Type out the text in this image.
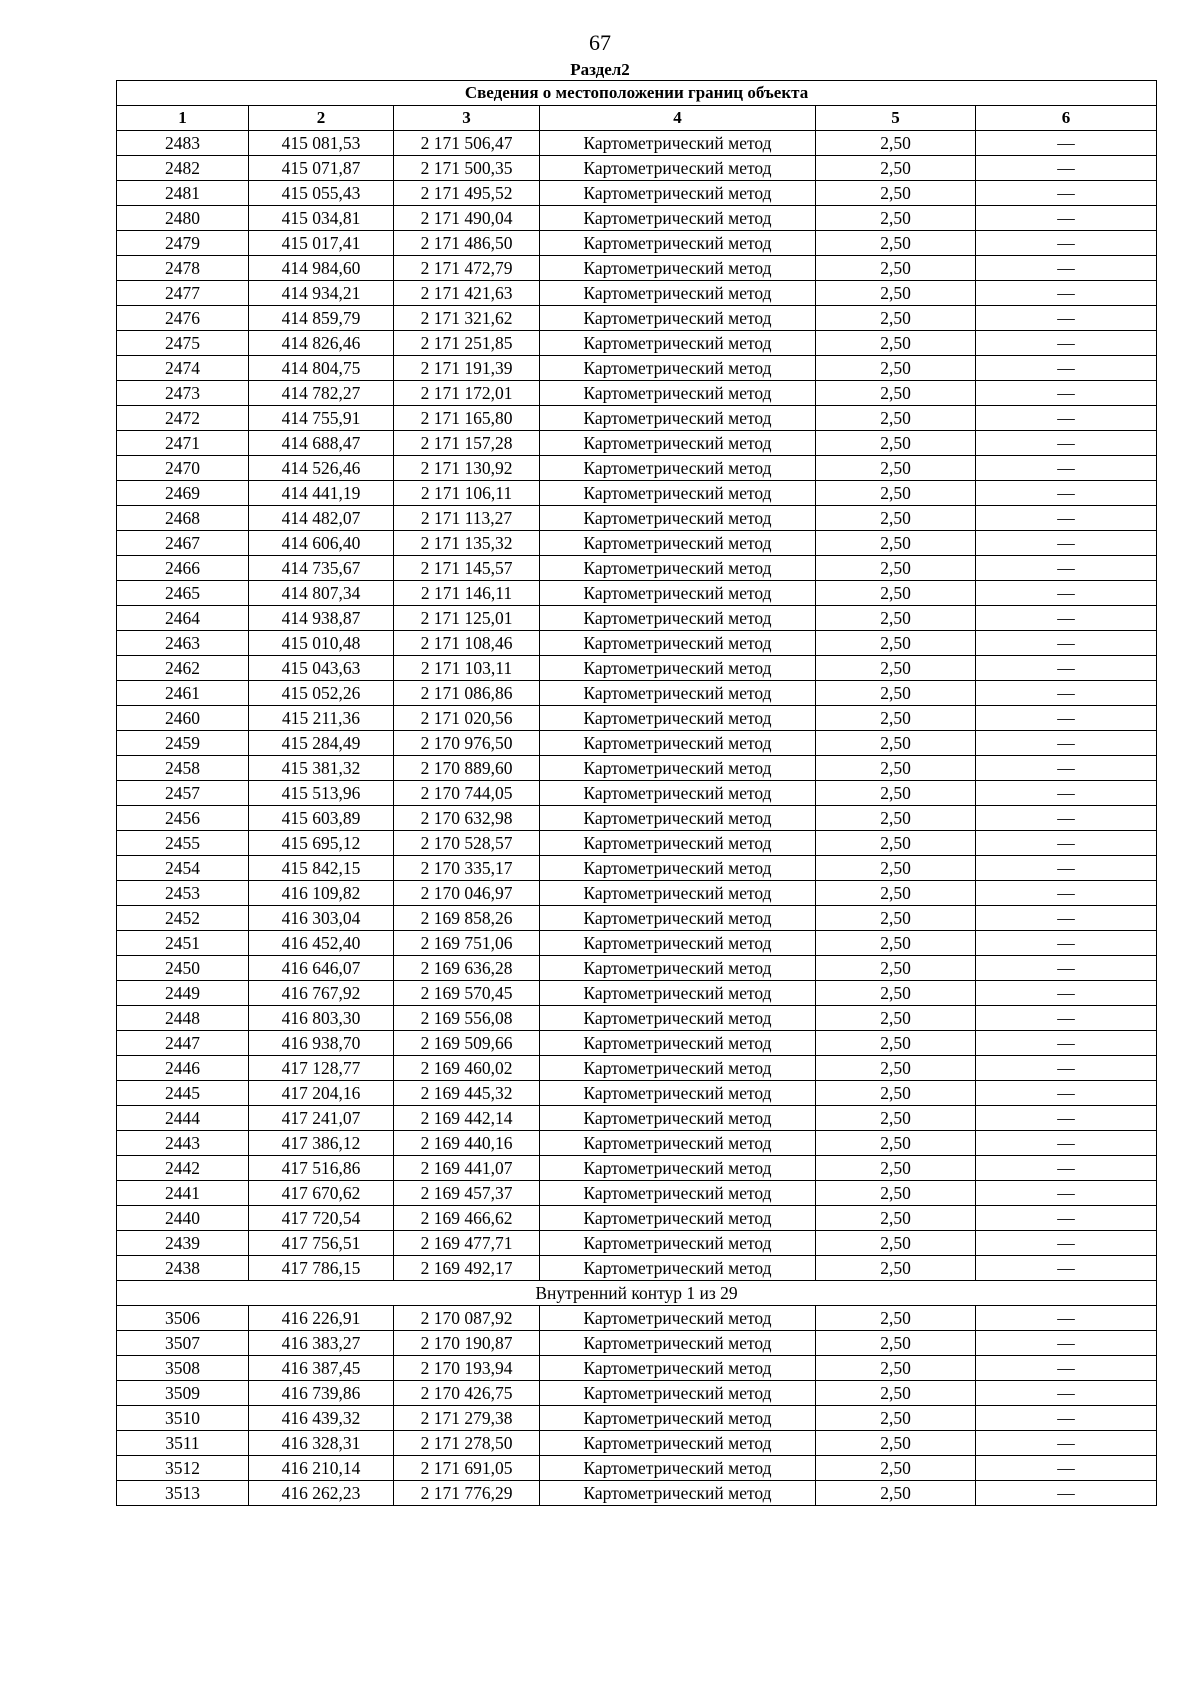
67
Раздел2
Сведения о местоположении границ объекта					
1	2	3	4	5	6
2483	415 081,53	2 171 506,47	Картометрический метод	2,50	—
2482	415 071,87	2 171 500,35	Картометрический метод	2,50	—
2481	415 055,43	2 171 495,52	Картометрический метод	2,50	—
2480	415 034,81	2 171 490,04	Картометрический метод	2,50	—
2479	415 017,41	2 171 486,50	Картометрический метод	2,50	—
2478	414 984,60	2 171 472,79	Картометрический метод	2,50	—
2477	414 934,21	2 171 421,63	Картометрический метод	2,50	—
2476	414 859,79	2 171 321,62	Картометрический метод	2,50	—
2475	414 826,46	2 171 251,85	Картометрический метод	2,50	—
2474	414 804,75	2 171 191,39	Картометрический метод	2,50	—
2473	414 782,27	2 171 172,01	Картометрический метод	2,50	—
2472	414 755,91	2 171 165,80	Картометрический метод	2,50	—
2471	414 688,47	2 171 157,28	Картометрический метод	2,50	—
2470	414 526,46	2 171 130,92	Картометрический метод	2,50	—
2469	414 441,19	2 171 106,11	Картометрический метод	2,50	—
2468	414 482,07	2 171 113,27	Картометрический метод	2,50	—
2467	414 606,40	2 171 135,32	Картометрический метод	2,50	—
2466	414 735,67	2 171 145,57	Картометрический метод	2,50	—
2465	414 807,34	2 171 146,11	Картометрический метод	2,50	—
2464	414 938,87	2 171 125,01	Картометрический метод	2,50	—
2463	415 010,48	2 171 108,46	Картометрический метод	2,50	—
2462	415 043,63	2 171 103,11	Картометрический метод	2,50	—
2461	415 052,26	2 171 086,86	Картометрический метод	2,50	—
2460	415 211,36	2 171 020,56	Картометрический метод	2,50	—
2459	415 284,49	2 170 976,50	Картометрический метод	2,50	—
2458	415 381,32	2 170 889,60	Картометрический метод	2,50	—
2457	415 513,96	2 170 744,05	Картометрический метод	2,50	—
2456	415 603,89	2 170 632,98	Картометрический метод	2,50	—
2455	415 695,12	2 170 528,57	Картометрический метод	2,50	—
2454	415 842,15	2 170 335,17	Картометрический метод	2,50	—
2453	416 109,82	2 170 046,97	Картометрический метод	2,50	—
2452	416 303,04	2 169 858,26	Картометрический метод	2,50	—
2451	416 452,40	2 169 751,06	Картометрический метод	2,50	—
2450	416 646,07	2 169 636,28	Картометрический метод	2,50	—
2449	416 767,92	2 169 570,45	Картометрический метод	2,50	—
2448	416 803,30	2 169 556,08	Картометрический метод	2,50	—
2447	416 938,70	2 169 509,66	Картометрический метод	2,50	—
2446	417 128,77	2 169 460,02	Картометрический метод	2,50	—
2445	417 204,16	2 169 445,32	Картометрический метод	2,50	—
2444	417 241,07	2 169 442,14	Картометрический метод	2,50	—
2443	417 386,12	2 169 440,16	Картометрический метод	2,50	—
2442	417 516,86	2 169 441,07	Картометрический метод	2,50	—
2441	417 670,62	2 169 457,37	Картометрический метод	2,50	—
2440	417 720,54	2 169 466,62	Картометрический метод	2,50	—
2439	417 756,51	2 169 477,71	Картометрический метод	2,50	—
2438	417 786,15	2 169 492,17	Картометрический метод	2,50	—
Внутренний контур 1 из 29					
3506	416 226,91	2 170 087,92	Картометрический метод	2,50	—
3507	416 383,27	2 170 190,87	Картометрический метод	2,50	—
3508	416 387,45	2 170 193,94	Картометрический метод	2,50	—
3509	416 739,86	2 170 426,75	Картометрический метод	2,50	—
3510	416 439,32	2 171 279,38	Картометрический метод	2,50	—
3511	416 328,31	2 171 278,50	Картометрический метод	2,50	—
3512	416 210,14	2 171 691,05	Картометрический метод	2,50	—
3513	416 262,23	2 171 776,29	Картометрический метод	2,50	—
